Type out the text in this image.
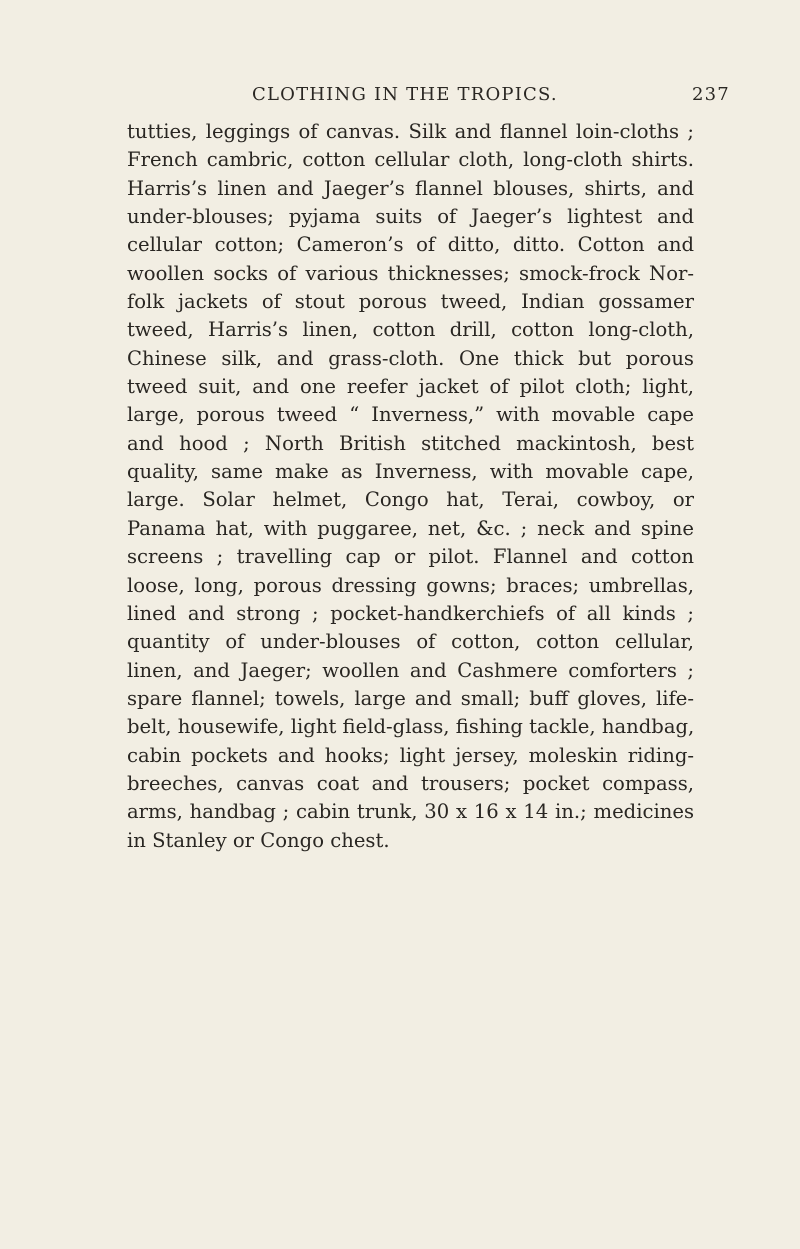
CLOTHING IN THE TROPICS.	237
tutties, leggings of canvas. Silk and flannel loin-cloths ;
French cambric, cotton cellular cloth, long-cloth shirts.
Harris’s linen and Jaeger’s flannel blouses, shirts, and
under-blouses; pyjama suits of Jaeger’s lightest and
cellular cotton; Cameron’s of ditto, ditto. Cotton and
woollen socks of various thicknesses; smock-frock Nor-
folk jackets of stout porous tweed, Indian gossamer
tweed, Harris’s linen, cotton drill, cotton long-cloth,
Chinese silk, and grass-cloth. One thick but porous
tweed suit, and one reefer jacket of pilot cloth; light,
large, porous tweed “ Inverness,” with movable cape
and hood ; North British stitched mackintosh, best
quality, same make as Inverness, with movable cape,
large. Solar helmet, Congo hat, Terai, cowboy, or
Panama hat, with puggaree, net, &c. ; neck and spine
screens ; travelling cap or pilot. Flannel and cotton
loose, long, porous dressing gowns; braces; umbrellas,
lined and strong ; pocket-handkerchiefs of all kinds ;
quantity of under-blouses of cotton, cotton cellular,
linen, and Jaeger; woollen and Cashmere comforters ;
spare flannel; towels, large and small; buff gloves, life-
belt, housewife, light field-glass, fishing tackle, handbag,
cabin pockets and hooks; light jersey, moleskin riding-
breeches, canvas coat and trousers; pocket compass,
arms, handbag ; cabin trunk, 30 x 16 x 14 in.; medicines
in Stanley or Congo chest.
